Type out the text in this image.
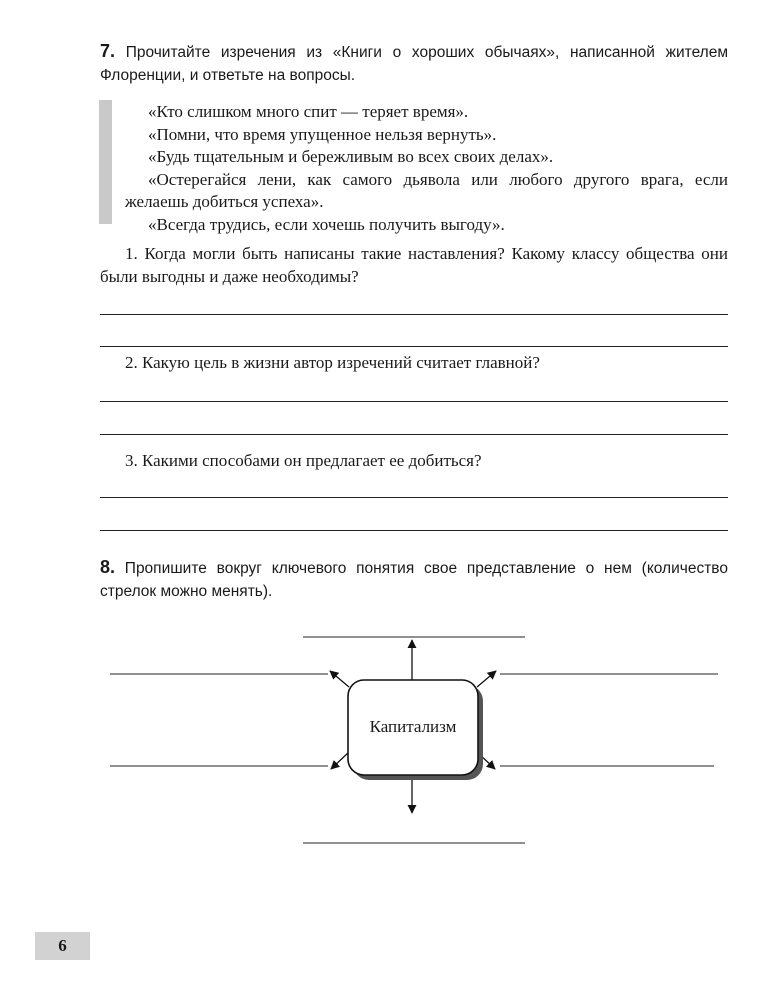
7. Прочитайте изречения из «Книги о хороших обычаях», написанной жителем Флоренции, и ответьте на вопросы.

«Кто слишком много спит — теряет время».

«Помни, что время упущенное нельзя вернуть».

«Будь тщательным и бережливым во всех своих делах».

«Остерегайся лени, как самого дьявола или любого другого врага, если желаешь добиться успеха».

«Всегда трудись, если хочешь получить выгоду».

1. Когда могли быть написаны такие наставления? Какому классу общества они были выгодны и даже необходимы?
2. Какую цель в жизни автор изречений считает главной?
3. Какими способами он предлагает ее добиться?
8. Пропишите вокруг ключевого понятия свое представление о нем (количество стрелок можно менять).
Капитализм
6
